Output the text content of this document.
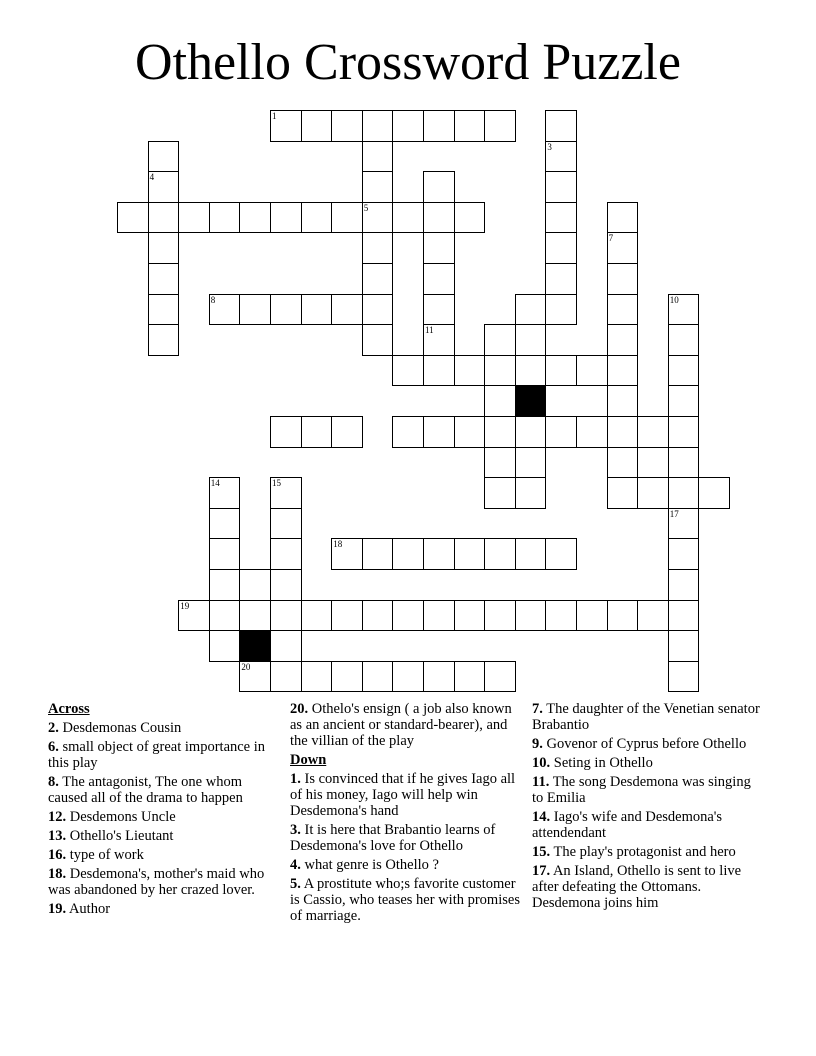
Othello Crossword Puzzle
1
5
3
4
11
7
8	10
14	15
17
18
19
20
Across
2. Desdemonas Cousin
6. small object of great importance in this play
8. The antagonist, The one whom caused all of the drama to happen
12. Desdemons Uncle
13. Othello's Lieutant
16. type of work
18. Desdemona's, mother's maid who was abandoned by her crazed lover.
19. Author
20. Othelo's ensign ( a job also known as an ancient or standard-bearer), and the villian of the play
Down
1. Is convinced that if he gives Iago all of his money, Iago will help win Desdemona's hand
3. It is here that Brabantio learns of Desdemona's love for Othello
4. what genre is Othello ?
5. A prostitute who;s favorite customer is Cassio, who teases her with promises of marriage.
7. The daughter of the Venetian senator Brabantio
9. Govenor of Cyprus before Othello
10. Seting in Othello
11. The song Desdemona was singing to Emilia
14. Iago's wife and Desdemona's attendendant
15. The play's protagonist and hero
17. An Island, Othello is sent to live after defeating the Ottomans. Desdemona joins him
